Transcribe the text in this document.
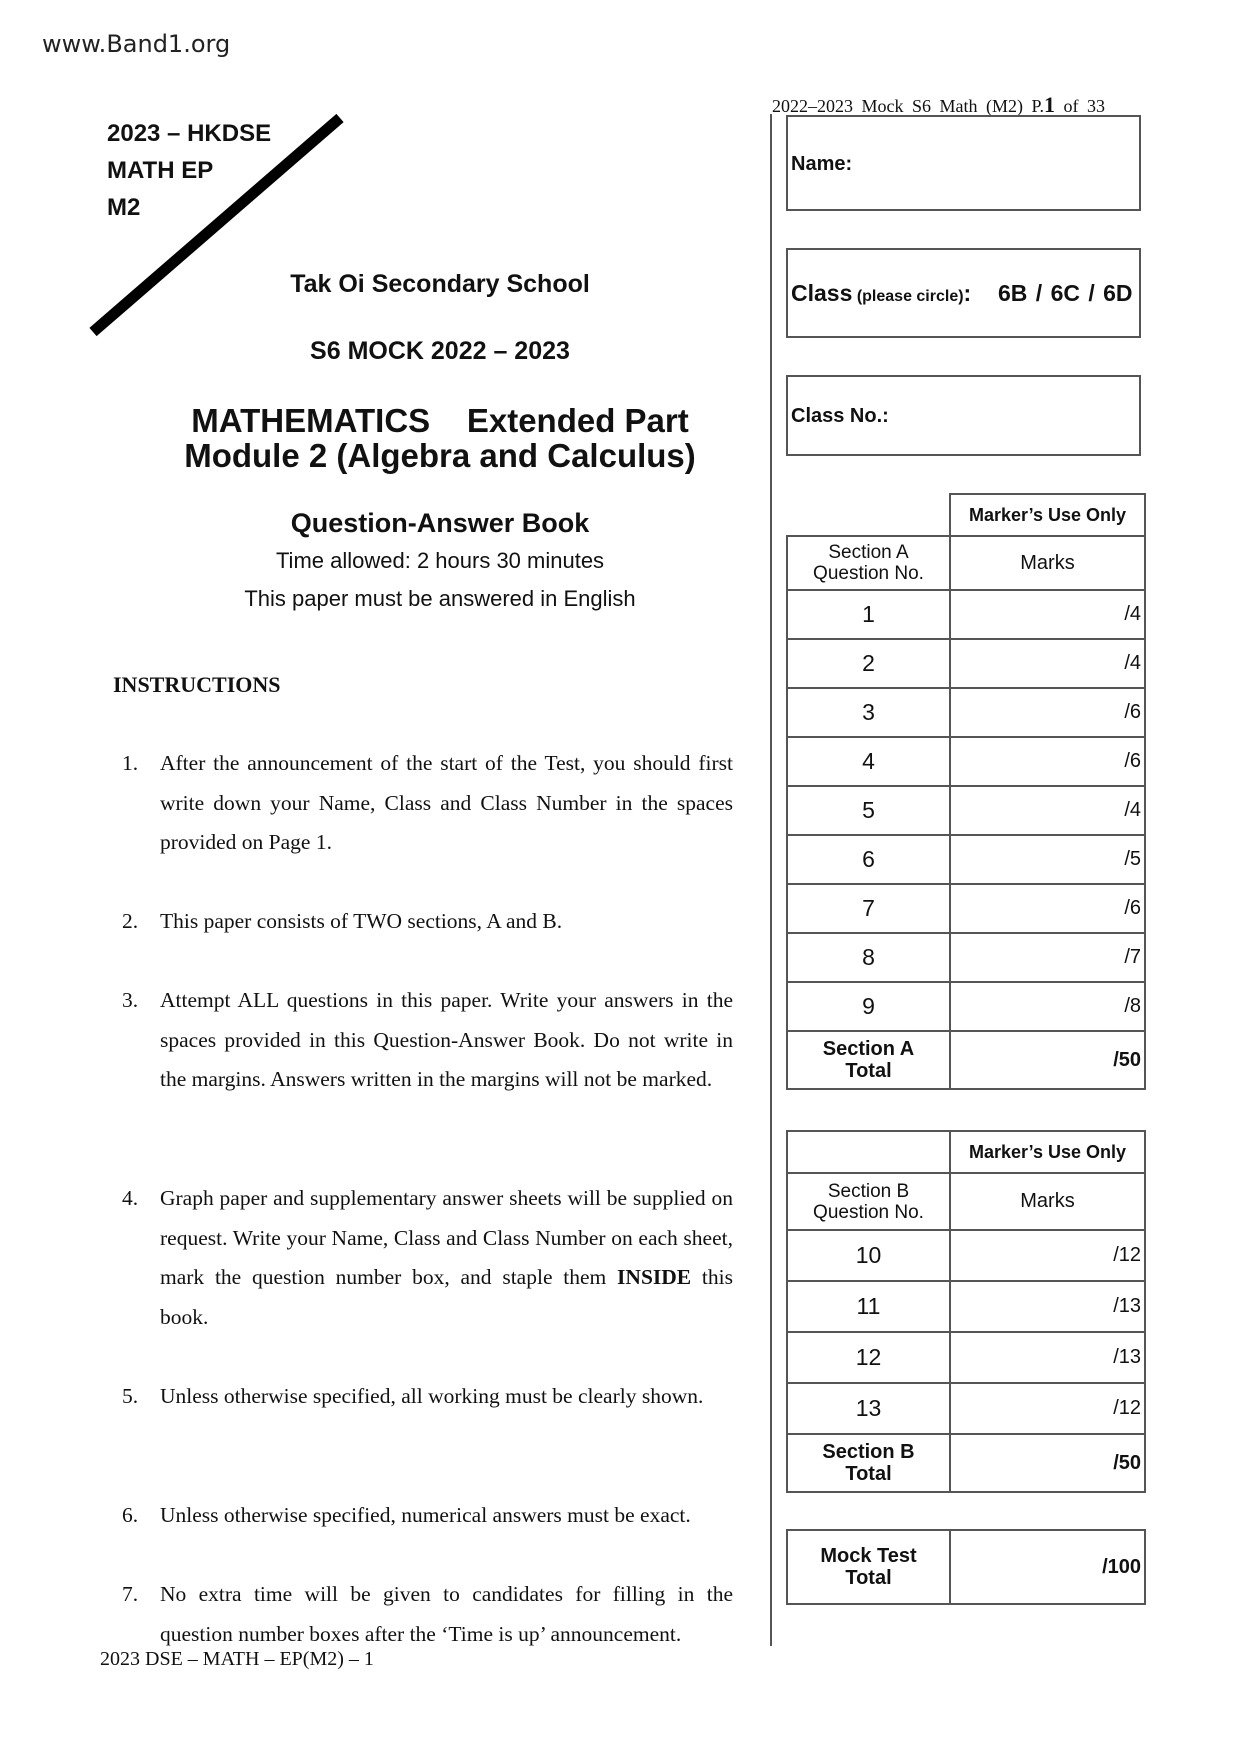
www.Band1.org
2023 – HKDSE
MATH EP
M2
Tak Oi Secondary School
S6 MOCK 2022 – 2023
MATHEMATICS    Extended Part
Module 2 (Algebra and Calculus)
Question-Answer Book
Time allowed: 2 hours 30 minutes
This paper must be answered in English
INSTRUCTIONS
1.	After the announcement of the start of the Test, you should first write down your Name, Class and Class Number in the spaces provided on Page 1.
2.	This paper consists of TWO sections, A and B.
3.	Attempt ALL questions in this paper. Write your answers in the spaces provided in this Question-Answer Book. Do not write in the margins. Answers written in the margins will not be marked.
4.	Graph paper and supplementary answer sheets will be supplied on request. Write your Name, Class and Class Number on each sheet, mark the question number box, and staple them INSIDE this book.
5.	Unless otherwise specified, all working must be clearly shown.
6.	Unless otherwise specified, numerical answers must be exact.
7.	No extra time will be given to candidates for filling in the question number boxes after the ‘Time is up’ announcement.
2023 DSE – MATH – EP(M2) – 1
2022–2023 Mock S6 Math (M2) P.1 of 33
Name:
Class (please circle): 6B / 6C / 6D
Class No.:
	Marker’s Use Only

Section A
Question No.	Marks
1	/4
2	/4
3	/6
4	/6
5	/4
6	/5
7	/6
8	/7
9	/8

Section A
Total	/50
	Marker’s Use Only

Section B
Question No.	Marks
10	/12
11	/13
12	/13
13	/12

Section B
Total	/50
Mock Test
Total
	/100
